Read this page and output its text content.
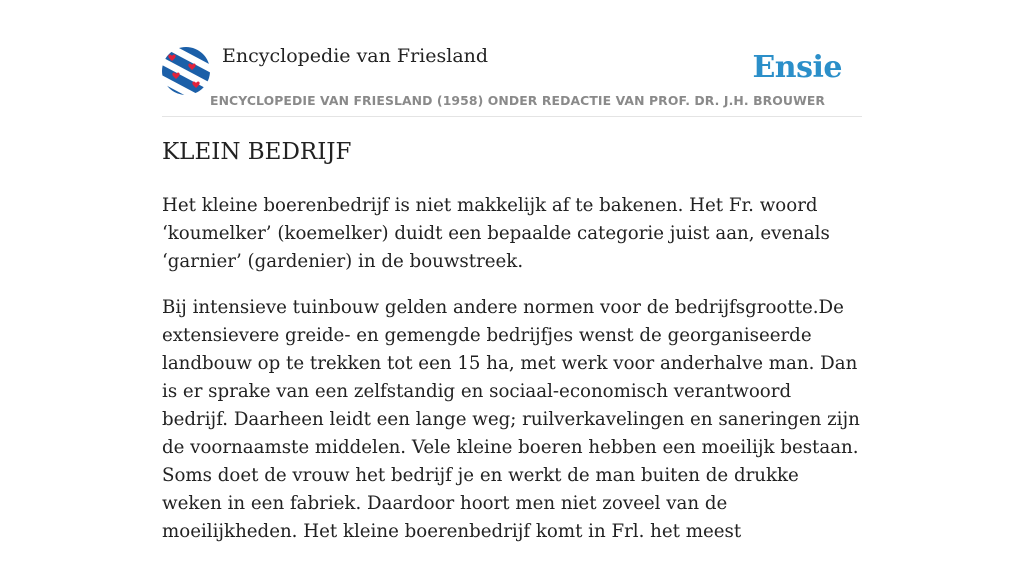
Encyclopedie van Friesland
ENCYCLOPEDIE VAN FRIESLAND (1958) ONDER REDACTIE VAN PROF. DR. J.H. BROUWER
Ensie
KLEIN BEDRIJF

Het kleine boerenbedrijf is niet makkelijk af te bakenen. Het Fr. woord ‘koumelker’ (koemelker) duidt een bepaalde categorie juist aan, evenals ‘garnier’ (gardenier) in de bouwstreek.

Bij intensieve tuinbouw gelden andere normen voor de bedrijfsgrootte.De extensievere greide- en gemengde bedrijfjes wenst de georganiseerde landbouw op te trekken tot een 15 ha, met werk voor anderhalve man. Dan is er sprake van een zelfstandig en sociaal-economisch verantwoord bedrijf. Daarheen leidt een lange weg; ruilverkavelingen en saneringen zijn de voornaamste middelen. Vele kleine boeren hebben een moeilijk bestaan. Soms doet de vrouw het bedrijf je en werkt de man buiten de drukke weken in een fabriek. Daardoor hoort men niet zoveel van de moeilijkheden. Het kleine boerenbedrijf komt in Frl. het meest
